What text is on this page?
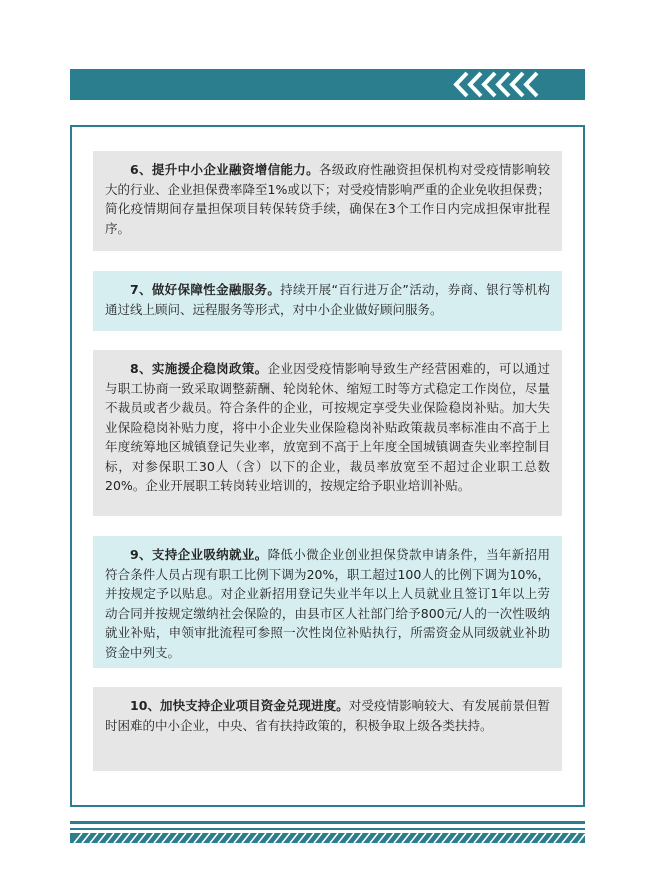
6、提升中小企业融资增信能力。各级政府性融资担保机构对受疫情影响较大的行业、企业担保费率降至1%或以下；对受疫情影响严重的企业免收担保费；简化疫情期间存量担保项目转保转贷手续，确保在3个工作日内完成担保审批程序。

7、做好保障性金融服务。持续开展“百行进万企”活动，券商、银行等机构通过线上顾问、远程服务等形式，对中小企业做好顾问服务。

8、实施援企稳岗政策。企业因受疫情影响导致生产经营困难的，可以通过与职工协商一致采取调整薪酬、轮岗轮休、缩短工时等方式稳定工作岗位，尽量不裁员或者少裁员。符合条件的企业，可按规定享受失业保险稳岗补贴。加大失业保险稳岗补贴力度，将中小企业失业保险稳岗补贴政策裁员率标准由不高于上年度统筹地区城镇登记失业率，放宽到不高于上年度全国城镇调查失业率控制目标，对参保职工30人（含）以下的企业，裁员率放宽至不超过企业职工总数20%。企业开展职工转岗转业培训的，按规定给予职业培训补贴。

9、支持企业吸纳就业。降低小微企业创业担保贷款申请条件，当年新招用符合条件人员占现有职工比例下调为20%，职工超过100人的比例下调为10%，并按规定予以贴息。对企业新招用登记失业半年以上人员就业且签订1年以上劳动合同并按规定缴纳社会保险的，由县市区人社部门给予800元/人的一次性吸纳就业补贴，申领审批流程可参照一次性岗位补贴执行，所需资金从同级就业补助资金中列支。

10、加快支持企业项目资金兑现进度。对受疫情影响较大、有发展前景但暂时困难的中小企业，中央、省有扶持政策的，积极争取上级各类扶持。
